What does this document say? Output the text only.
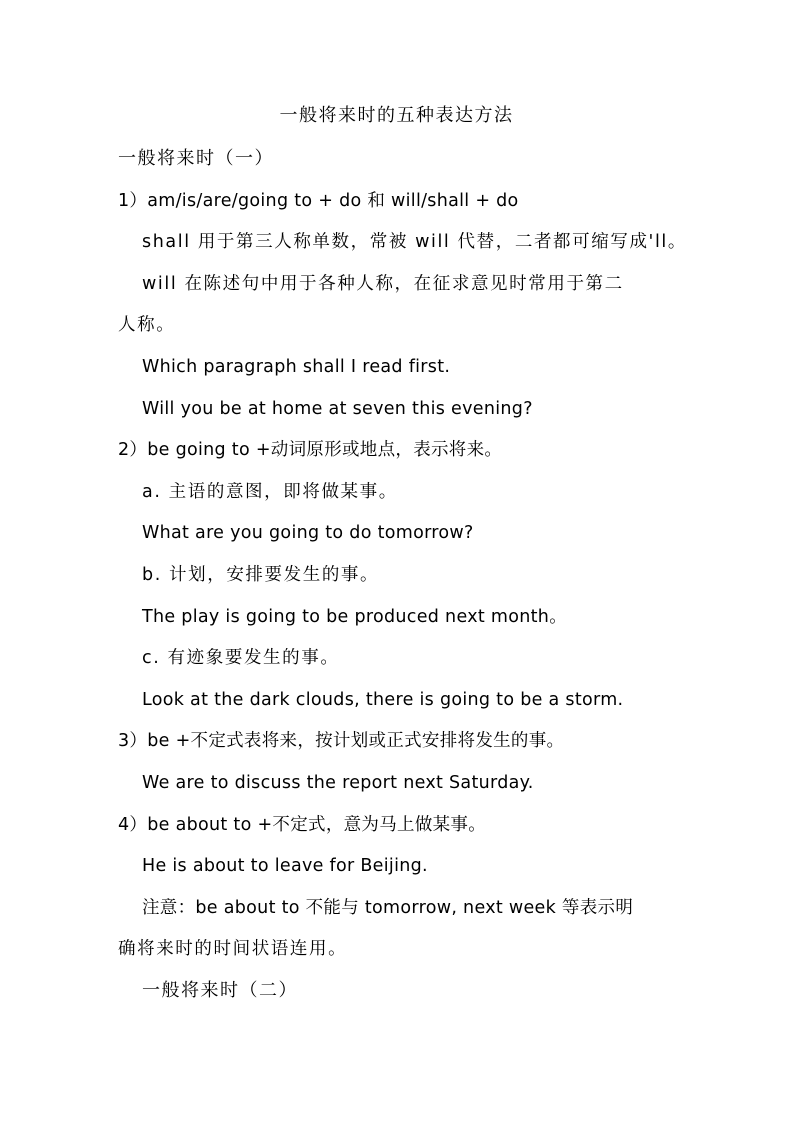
一般将来时的五种表达方法
一般将来时（一）
1）am/is/are/going to + do 和 will/shall + do
shall 用于第三人称单数，常被 will 代替，二者都可缩写成'll。
will 在陈述句中用于各种人称，在征求意见时常用于第二
人称。
Which paragraph shall I read first.
Will you be at home at seven this evening?
2）be going to +动词原形或地点，表示将来。
a. 主语的意图，即将做某事。
What are you going to do tomorrow?
b. 计划，安排要发生的事。
The play is going to be produced next month。
c. 有迹象要发生的事。
Look at the dark clouds, there is going to be a storm.
3）be +不定式表将来，按计划或正式安排将发生的事。
We are to discuss the report next Saturday.
4）be about to +不定式，意为马上做某事。
He is about to leave for Beijing.
注意：be about to 不能与 tomorrow, next week 等表示明
确将来时的时间状语连用。
一般将来时（二）
